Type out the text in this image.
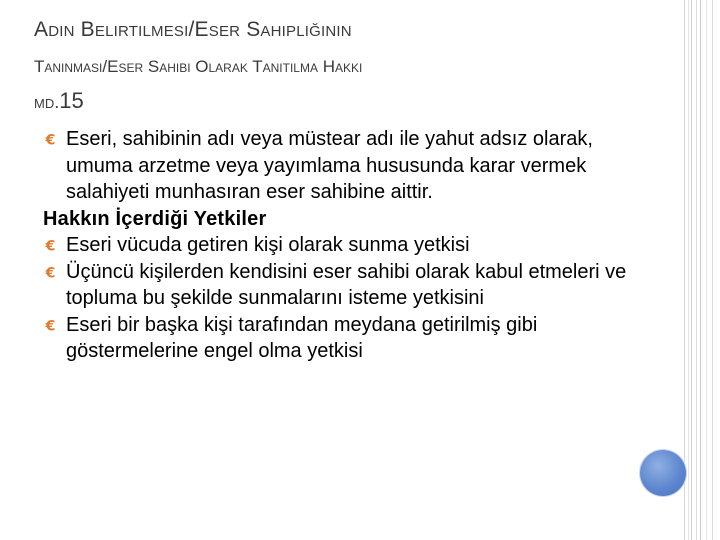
Adın Belirtilmesi/Eser Sahipliğinin
Tanınması/Eser Sahibi Olarak Tanıtılma Hakkı
md.15
€ Eseri, sahibinin adı veya müstear adı ile yahut adsız olarak, umuma arzetme veya yayımlama hususunda karar vermek salahiyeti munhasıran eser sahibine aittir.
Hakkın İçerdiği Yetkiler
€ Eseri vücuda getiren kişi olarak sunma yetkisi
€ Üçüncü kişilerden kendisini eser sahibi olarak kabul etmeleri ve topluma bu şekilde sunmalarını isteme yetkisini
€ Eseri bir başka kişi tarafından meydana getirilmiş gibi göstermelerine engel olma yetkisi
